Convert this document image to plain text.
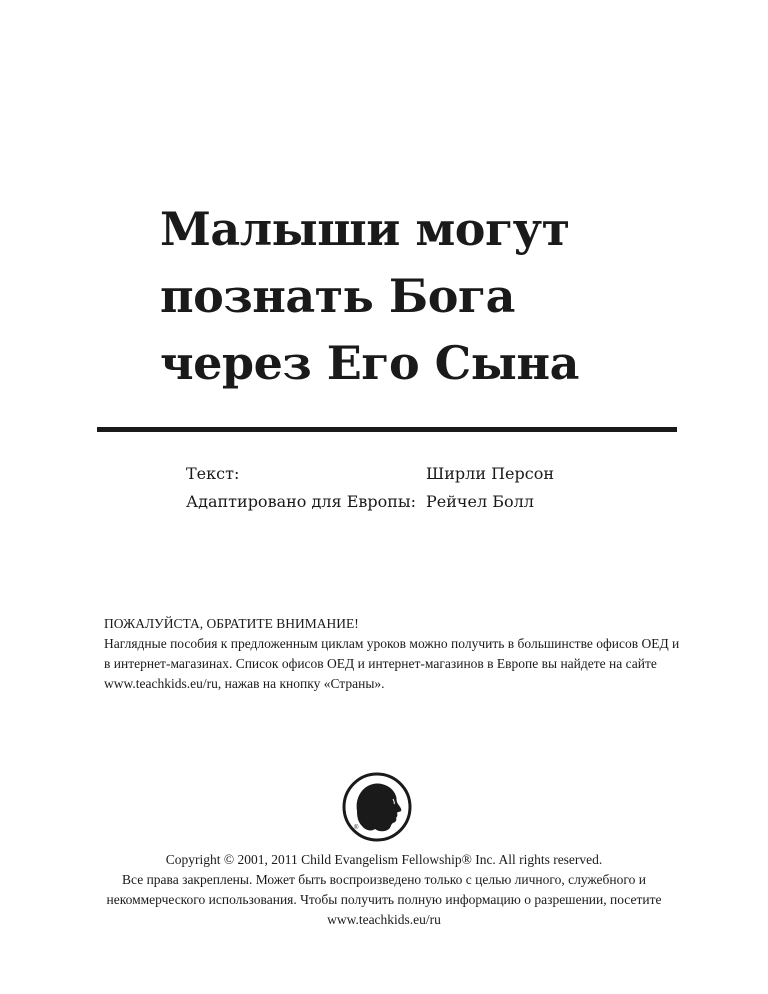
Малыши могут
познать Бога
через Его Сына
Текст:	Ширли Персон
Адаптировано для Европы: Рейчел Болл

ПОЖАЛУЙСТА, ОБРАТИТЕ ВНИМАНИЕ!

Наглядные пособия к предложенным циклам уроков можно получить в большинстве офисов ОЕД и в интернет-магазинах. Список офисов ОЕД и интернет-магазинов в Европе вы найдете на сайте www.teachkids.eu/ru, нажав на кнопку «Страны».

®

Copyright © 2001, 2011 Child Evangelism Fellowship® Inc. All rights reserved.

Все права закреплены. Может быть воспроизведено только с целью личного, служебного и некоммерческого использования. Чтобы получить полную информацию о разрешении, посетите www.teachkids.eu/ru
